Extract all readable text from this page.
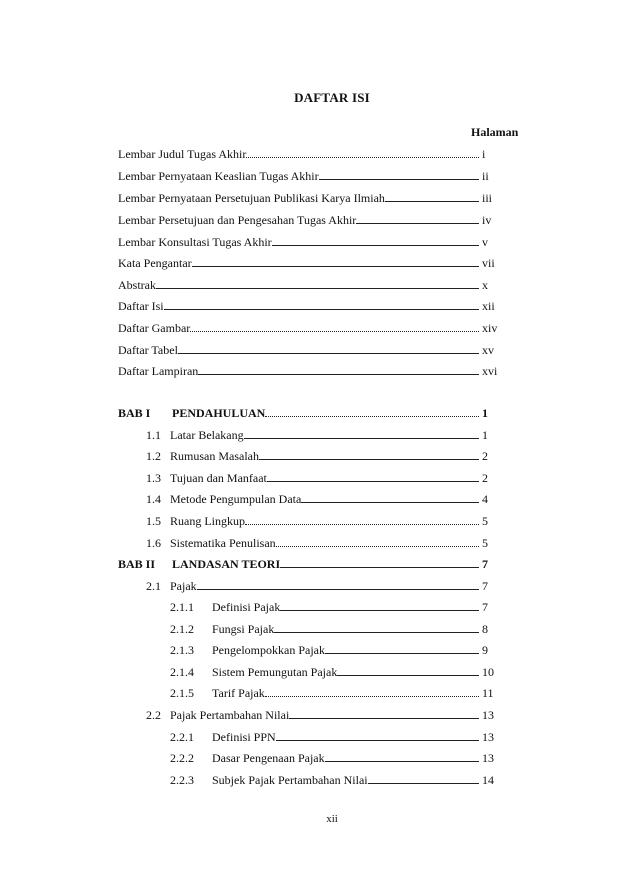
DAFTAR ISI
Halaman
Lembar Judul Tugas Akhir	i
Lembar Pernyataan Keaslian Tugas Akhir	ii
Lembar Pernyataan Persetujuan Publikasi Karya Ilmiah	iii
Lembar Persetujuan dan Pengesahan Tugas Akhir	iv
Lembar Konsultasi Tugas Akhir	v
Kata Pengantar	vii
Abstrak	x
Daftar Isi	xii
Daftar Gambar	xiv
Daftar Tabel	xv
Daftar Lampiran	xvi
BAB I PENDAHULUAN	1
1.1 Latar Belakang	1
1.2 Rumusan Masalah	2
1.3 Tujuan dan Manfaat	2
1.4 Metode Pengumpulan Data	4
1.5 Ruang Lingkup	5
1.6 Sistematika Penulisan	5
BAB II LANDASAN TEORI	7
2.1 Pajak	7
2.1.1 Definisi Pajak	7
2.1.2 Fungsi Pajak	8
2.1.3 Pengelompokkan Pajak	9
2.1.4 Sistem Pemungutan Pajak	10
2.1.5 Tarif Pajak	11
2.2 Pajak Pertambahan Nilai	13
2.2.1 Definisi PPN	13
2.2.2 Dasar Pengenaan Pajak	13
2.2.3 Subjek Pajak Pertambahan Nilai	14
xii
